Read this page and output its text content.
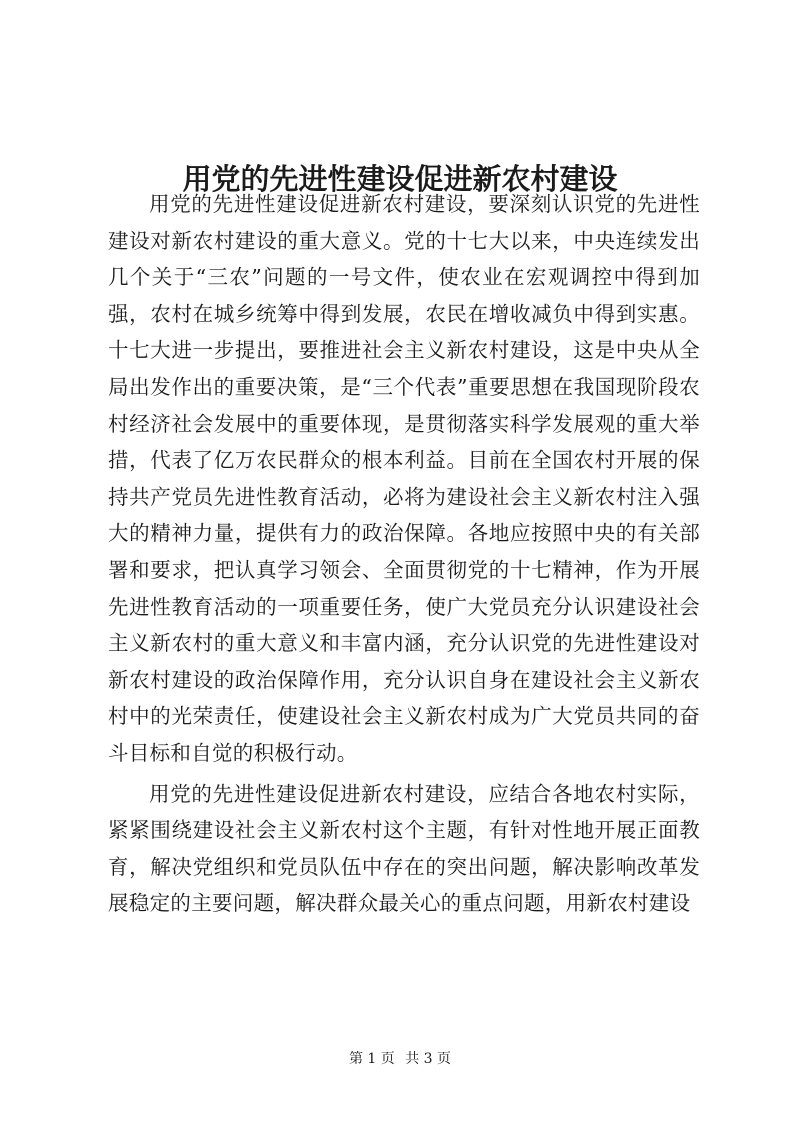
用党的先进性建设促进新农村建设

用党的先进性建设促进新农村建设，要深刻认识党的先进性建设对新农村建设的重大意义。党的十七大以来，中央连续发出几个关于“三农”问题的一号文件，使农业在宏观调控中得到加强，农村在城乡统筹中得到发展，农民在增收减负中得到实惠。十七大进一步提出，要推进社会主义新农村建设，这是中央从全局出发作出的重要决策，是“三个代表”重要思想在我国现阶段农村经济社会发展中的重要体现，是贯彻落实科学发展观的重大举措，代表了亿万农民群众的根本利益。目前在全国农村开展的保持共产党员先进性教育活动，必将为建设社会主义新农村注入强大的精神力量，提供有力的政治保障。各地应按照中央的有关部署和要求，把认真学习领会、全面贯彻党的十七精神，作为开展先进性教育活动的一项重要任务，使广大党员充分认识建设社会主义新农村的重大意义和丰富内涵，充分认识党的先进性建设对新农村建设的政治保障作用，充分认识自身在建设社会主义新农村中的光荣责任，使建设社会主义新农村成为广大党员共同的奋斗目标和自觉的积极行动。

用党的先进性建设促进新农村建设，应结合各地农村实际，紧紧围绕建设社会主义新农村这个主题，有针对性地开展正面教育，解决党组织和党员队伍中存在的突出问题，解决影响改革发展稳定的主要问题，解决群众最关心的重点问题，用新农村建设

第 1 页 共 3 页
